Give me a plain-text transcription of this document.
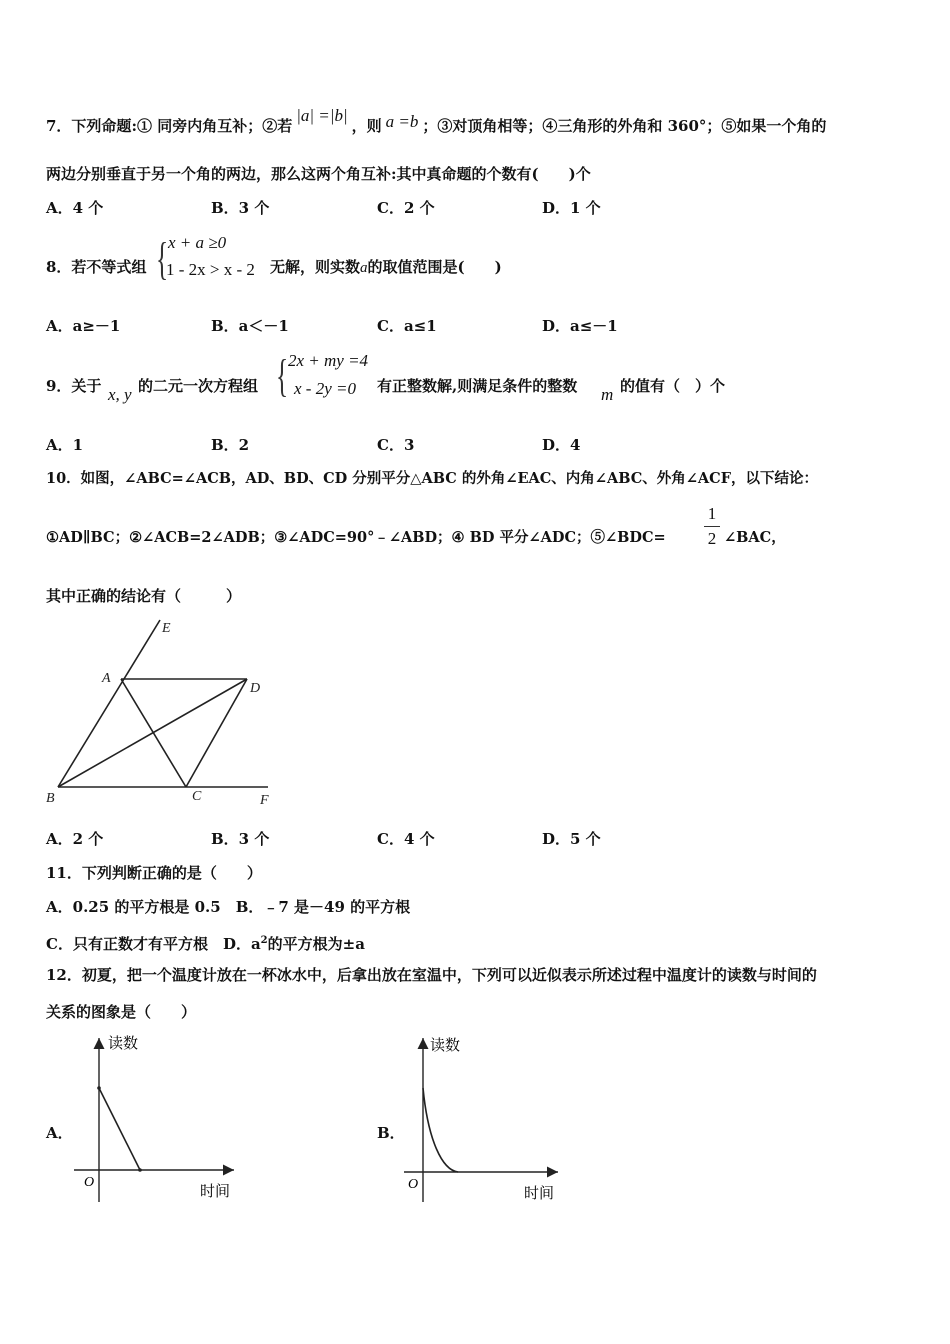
7．下列命题:① 同旁内角互补；②若|a| =|b|，则 a =b ；③对顶角相等；④三角形的外角和 360°；⑤如果一个角的
两边分别垂直于另一个角的两边，那么这两个角互补:其中真命题的个数有(　　)个
A．4 个	B．3 个	C．2 个	D．1 个
8．若不等式组 { x + a ≥0
1 - 2x > x - 2 无解，则实数a的取值范围是(　　)
A．a≥－1	B．a＜－1	C．a≤1	D．a≤－1
9．关于 x, y 的二元一次方程组 { 2x + my =4
x - 2y =0 有正整数解,则满足条件的整数 m 的值有（　）个
A．1	B．2	C．3	D．4
10．如图，∠ABC=∠ACB，AD、BD、CD 分别平分△ABC 的外角∠EAC、内角∠ABC、外角∠ACF，以下结论：
①AD∥BC；②∠ACB=2∠ADB；③∠ADC=90°﹣∠ABD；④ BD 平分∠ADC；⑤∠BDC=
1
2 ∠BAC，
其中正确的结论有（　　　）
E
A
D
B	C	F
A．2 个	B．3 个	C．4 个	D．5 个
11．下列判断正确的是（　　）
A．0.25 的平方根是 0.5　B．﹣7 是－49 的平方根
C．只有正数才有平方根　D．$a^2$的平方根为±a
12．初夏，把一个温度计放在一杯冰水中，后拿出放在室温中，下列可以近似表示所述过程中温度计的读数与时间的
关系的图象是（　　）
A．
读数
时间
O
B．
读数
时间
O
